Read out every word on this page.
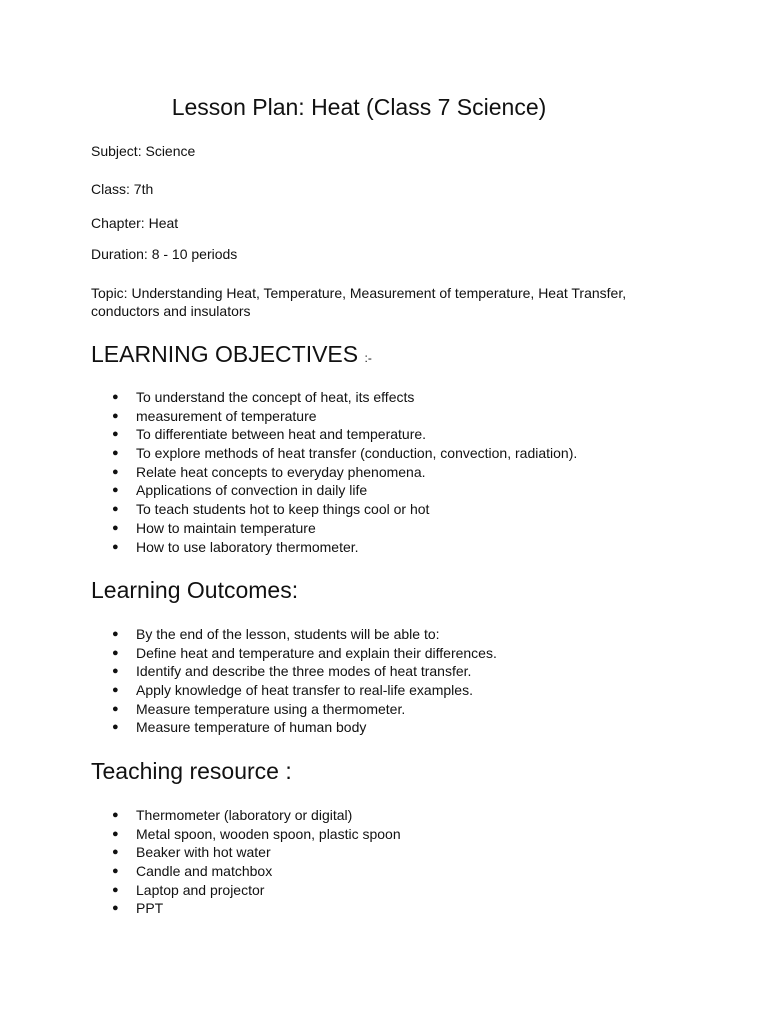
Lesson Plan: Heat (Class 7 Science)

Subject: Science

Class: 7th

Chapter: Heat

Duration: 8 - 10 periods

Topic: Understanding Heat, Temperature, Measurement of temperature, Heat Transfer, conductors and insulators

LEARNING OBJECTIVES :-
● To understand the concept of heat, its effects
● measurement of temperature
● To differentiate between heat and temperature.
● To explore methods of heat transfer (conduction, convection, radiation).
● Relate heat concepts to everyday phenomena.
● Applications of convection in daily life
● To teach students hot to keep things cool or hot
● How to maintain temperature
● How to use laboratory thermometer.
Learning Outcomes:
● By the end of the lesson, students will be able to:
● Define heat and temperature and explain their differences.
● Identify and describe the three modes of heat transfer.
● Apply knowledge of heat transfer to real-life examples.
● Measure temperature using a thermometer.
● Measure temperature of human body
Teaching resource :
● Thermometer (laboratory or digital)
● Metal spoon, wooden spoon, plastic spoon
● Beaker with hot water
● Candle and matchbox
● Laptop and projector
● PPT
